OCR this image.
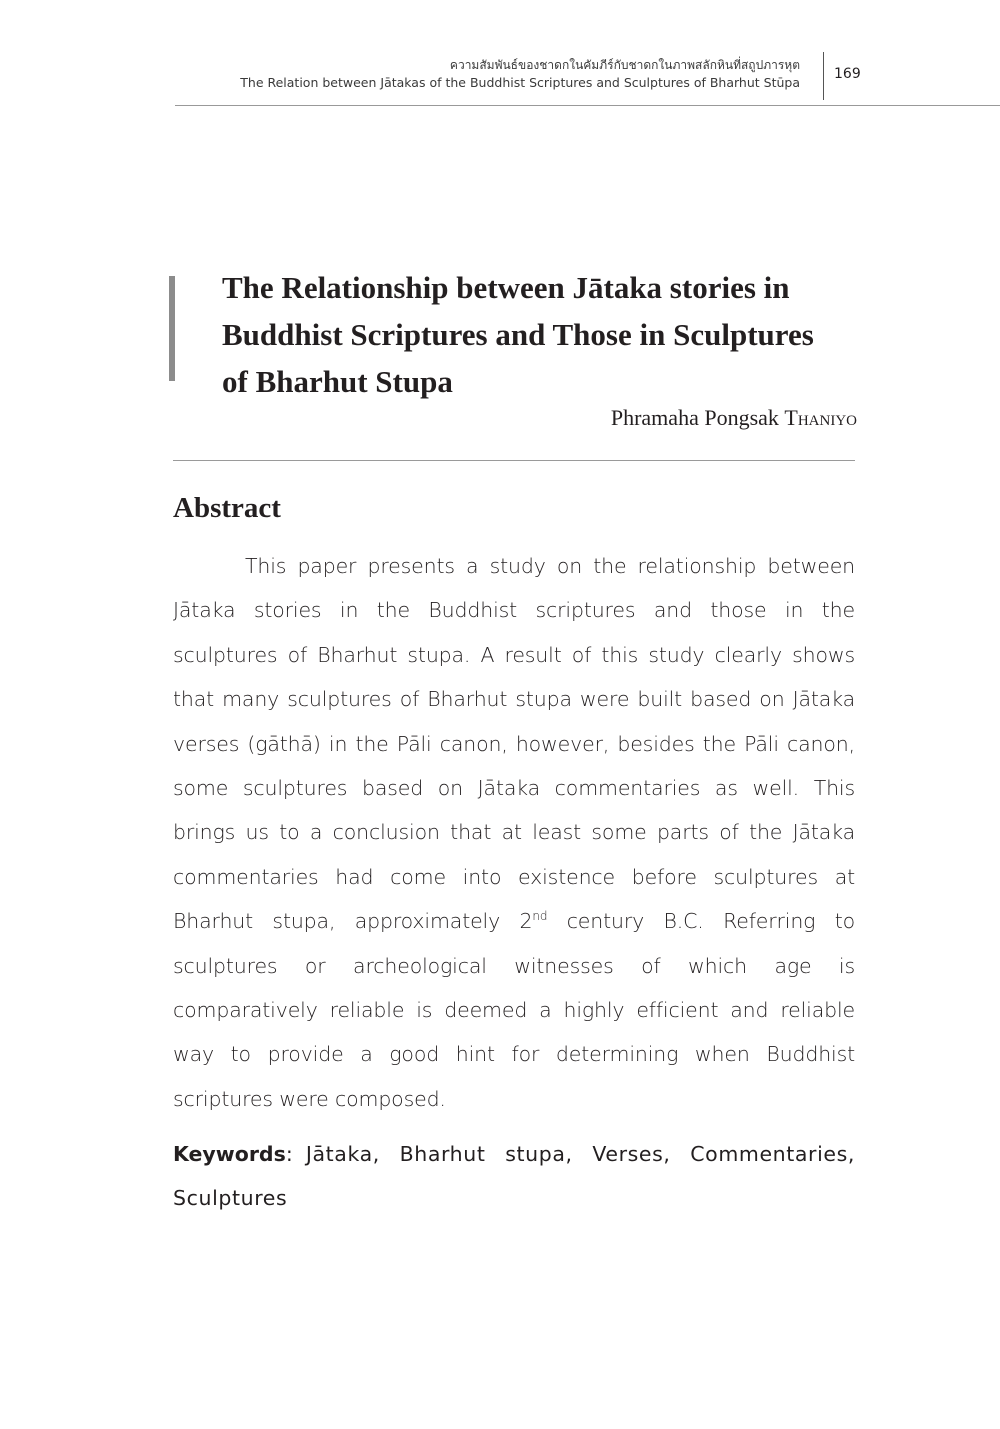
ความสัมพันธ์ของชาดกในคัมภีร์กับชาดกในภาพสลักหินที่สถูปภารหุต
The Relation between Jātakas of the Buddhist Scriptures and Sculptures of Bharhut Stūpa
169
The Relationship between Jātaka stories in
Buddhist Scriptures and Those in Sculptures
of Bharhut Stupa
Phramaha Pongsak Thaniyo
Abstract

This paper presents a study on the relationship between Jātaka stories in the Buddhist scriptures and those in the sculptures of Bharhut stupa. A result of this study clearly shows that many sculptures of Bharhut stupa were built based on Jātaka verses (gāthā) in the Pāli canon, however, besides the Pāli canon, some sculptures based on Jātaka commentaries as well. This brings us to a conclusion that at least some parts of the Jātaka commentaries had come into existence before sculptures at Bharhut stupa, approximately 2nd century B.C. Referring to sculptures or archeological witnesses of which age is comparatively reliable is deemed a highly efficient and reliable way to provide a good hint for determining when Buddhist scriptures were composed.

Keywords: Jātaka, Bharhut stupa, Verses, Commentaries, Sculptures
